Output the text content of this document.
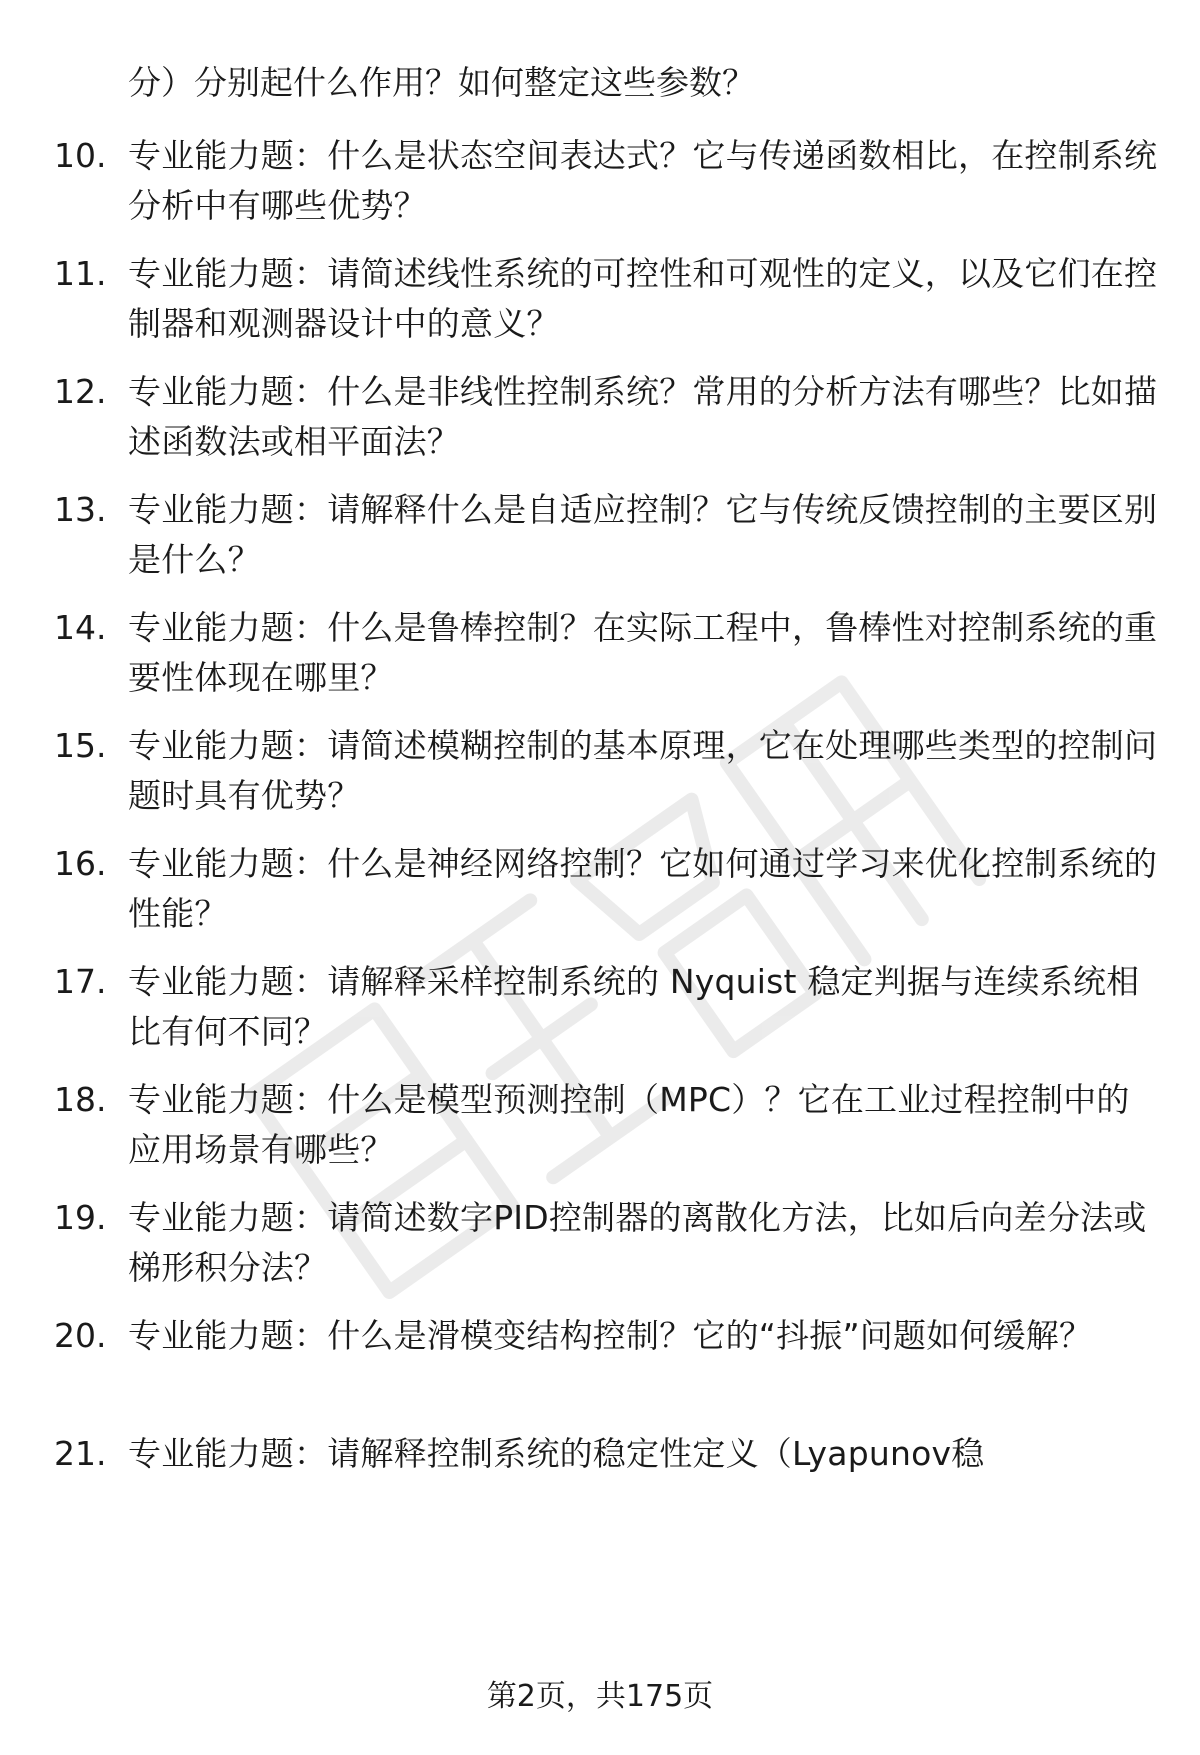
分）分别起什么作用？如何整定这些参数？
10. 专业能力题：什么是状态空间表达式？它与传递函数相比，在控制系统分析中有哪些优势？
11. 专业能力题：请简述线性系统的可控性和可观性的定义，以及它们在控制器和观测器设计中的意义？
12. 专业能力题：什么是非线性控制系统？常用的分析方法有哪些？比如描述函数法或相平面法？
13. 专业能力题：请解释什么是自适应控制？它与传统反馈控制的主要区别是什么？
14. 专业能力题：什么是鲁棒控制？在实际工程中，鲁棒性对控制系统的重要性体现在哪里？
15. 专业能力题：请简述模糊控制的基本原理，它在处理哪些类型的控制问题时具有优势？
16. 专业能力题：什么是神经网络控制？它如何通过学习来优化控制系统的性能？
17. 专业能力题：请解释采样控制系统的 Nyquist 稳定判据与连续系统相比有何不同？
18. 专业能力题：什么是模型预测控制（MPC）？它在工业过程控制中的应用场景有哪些？
19. 专业能力题：请简述数字PID控制器的离散化方法，比如后向差分法或梯形积分法？
20. 专业能力题：什么是滑模变结构控制？它的“抖振”问题如何缓解？
21. 专业能力题：请解释控制系统的稳定性定义（Lyapunov稳
第2页，共175页
